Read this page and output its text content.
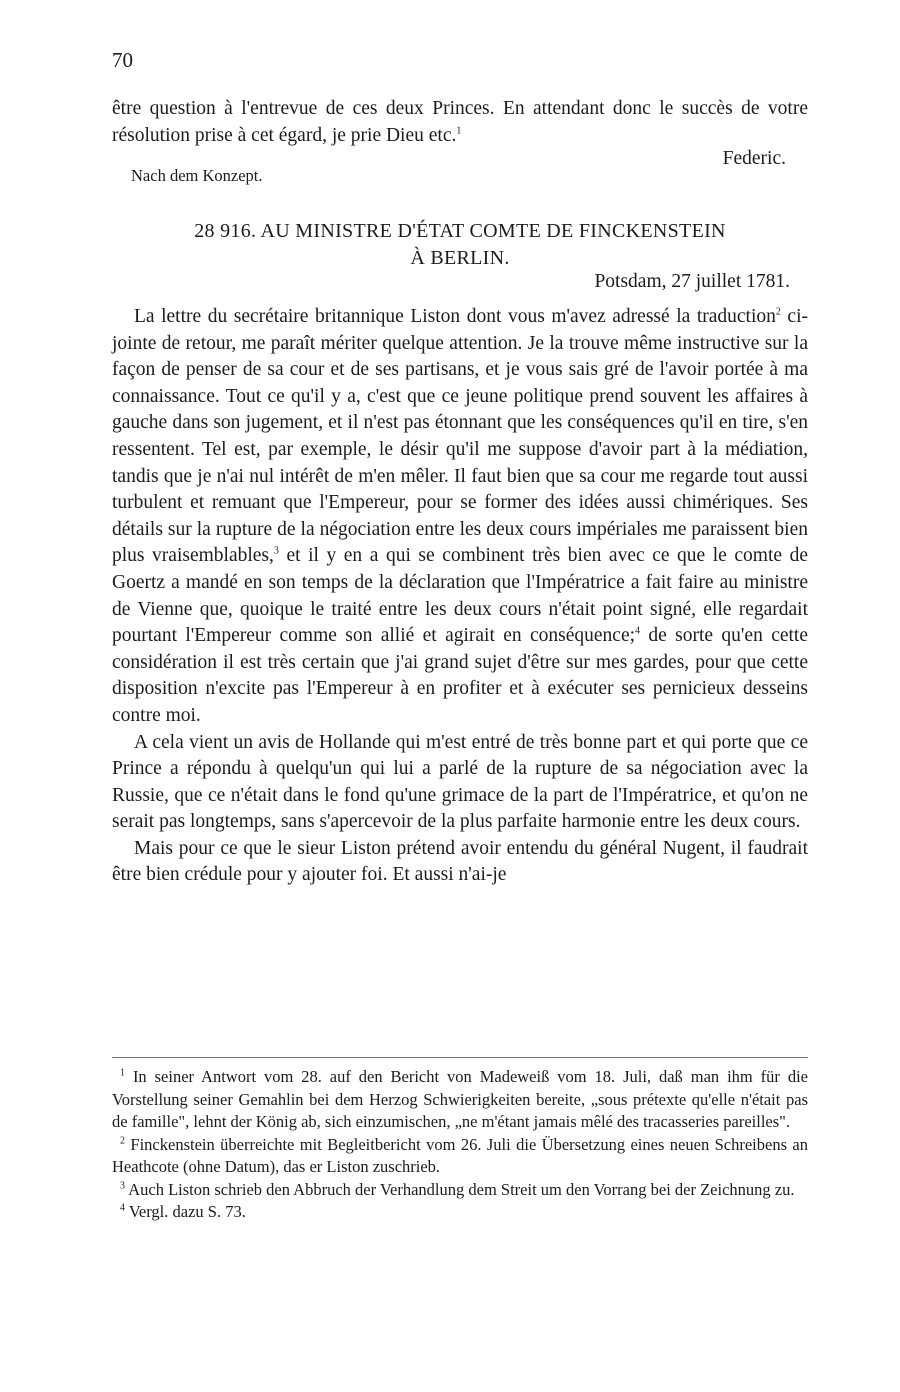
70
être question à l'entrevue de ces deux Princes. En attendant donc le succès de votre résolution prise à cet égard, je prie Dieu etc.$^1$
Federic.
Nach dem Konzept.
28 916. AU MINISTRE D'ÉTAT COMTE DE FINCKENSTEIN
À BERLIN.
Potsdam, 27 juillet 1781.

La lettre du secrétaire britannique Liston dont vous m'avez adressé la traduction$^2$ ci-jointe de retour, me paraît mériter quelque attention. Je la trouve même instructive sur la façon de penser de sa cour et de ses partisans, et je vous sais gré de l'avoir portée à ma connaissance. Tout ce qu'il y a, c'est que ce jeune politique prend souvent les affaires à gauche dans son jugement, et il n'est pas étonnant que les conséquences qu'il en tire, s'en ressentent. Tel est, par exemple, le désir qu'il me suppose d'avoir part à la médiation, tandis que je n'ai nul intérêt de m'en mêler. Il faut bien que sa cour me regarde tout aussi turbulent et remuant que l'Empereur, pour se former des idées aussi chimériques. Ses détails sur la rupture de la négociation entre les deux cours impériales me paraissent bien plus vraisemblables,$^3$ et il y en a qui se combinent très bien avec ce que le comte de Goertz a mandé en son temps de la déclaration que l'Impératrice a fait faire au ministre de Vienne que, quoique le traité entre les deux cours n'était point signé, elle regardait pourtant l'Empereur comme son allié et agirait en conséquence;$^4$ de sorte qu'en cette considération il est très certain que j'ai grand sujet d'être sur mes gardes, pour que cette disposition n'excite pas l'Empereur à en profiter et à exécuter ses pernicieux desseins contre moi.

A cela vient un avis de Hollande qui m'est entré de très bonne part et qui porte que ce Prince a répondu à quelqu'un qui lui a parlé de la rupture de sa négociation avec la Russie, que ce n'était dans le fond qu'une grimace de la part de l'Impératrice, et qu'on ne serait pas longtemps, sans s'apercevoir de la plus parfaite harmonie entre les deux cours.

Mais pour ce que le sieur Liston prétend avoir entendu du général Nugent, il faudrait être bien crédule pour y ajouter foi. Et aussi n'ai-je

$^1$ In seiner Antwort vom 28. auf den Bericht von Madeweiß vom 18. Juli, daß man ihm für die Vorstellung seiner Gemahlin bei dem Herzog Schwierigkeiten bereite, „sous prétexte qu'elle n'était pas de famille", lehnt der König ab, sich einzumischen, „ne m'étant jamais mêlé des tracasseries pareilles".

$^2$ Finckenstein überreichte mit Begleitbericht vom 26. Juli die Übersetzung eines neuen Schreibens an Heathcote (ohne Datum), das er Liston zuschrieb.

$^3$ Auch Liston schrieb den Abbruch der Verhandlung dem Streit um den Vorrang bei der Zeichnung zu.

$^4$ Vergl. dazu S. 73.
